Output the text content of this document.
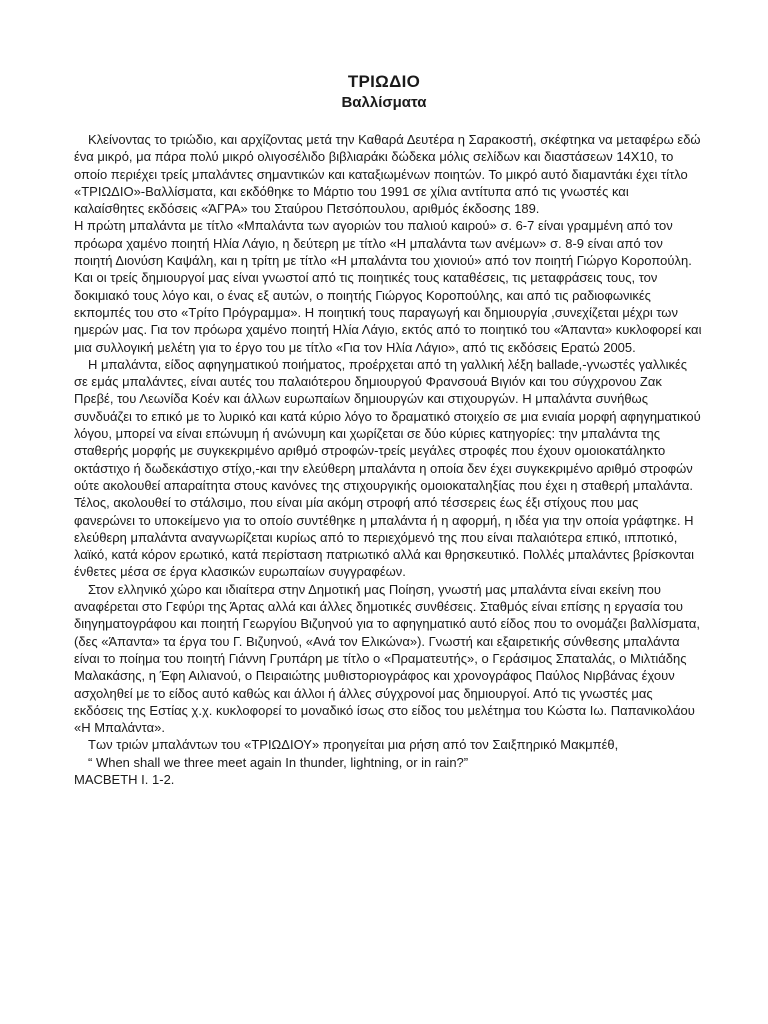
ΤΡΙΩΔΙΟ
Βαλλίσματα

Κλείνοντας το τριώδιο, και αρχίζοντας μετά την Καθαρά Δευτέρα η Σαρακοστή, σκέφτηκα να μεταφέρω εδώ ένα μικρό, μα πάρα πολύ μικρό ολιγοσέλιδο βιβλιαράκι δώδεκα μόλις σελίδων και διαστάσεων 14Χ10, το οποίο περιέχει τρείς μπαλάντες σημαντικών και καταξιωμένων ποιητών. Το μικρό αυτό διαμαντάκι έχει τίτλο «ΤΡΙΩΔΙΟ»-Βαλλίσματα, και εκδόθηκε το Μάρτιο του 1991 σε χίλια αντίτυπα από τις γνωστές και καλαίσθητες εκδόσεις «ΆΓΡΑ» του Σταύρου Πετσόπουλου, αριθμός έκδοσης 189.

Η πρώτη μπαλάντα με τίτλο «Μπαλάντα των αγοριών του παλιού καιρού» σ. 6-7 είναι γραμμένη από τον πρόωρα χαμένο ποιητή Ηλία Λάγιο, η δεύτερη με τίτλο «Η μπαλάντα των ανέμων» σ. 8-9 είναι από τον ποιητή Διονύση Καψάλη, και η τρίτη με τίτλο «Η μπαλάντα του χιονιού» από τον ποιητή Γιώργο Κοροπούλη.

Και οι τρείς δημιουργοί μας είναι γνωστοί από τις ποιητικές τους καταθέσεις, τις μεταφράσεις τους, τον δοκιμιακό τους λόγο και, ο ένας εξ αυτών, ο ποιητής Γιώργος Κοροπούλης, και από τις ραδιοφωνικές εκπομπές του στο «Τρίτο Πρόγραμμα». Η ποιητική τους παραγωγή και δημιουργία ,συνεχίζεται μέχρι των ημερών μας. Για τον πρόωρα χαμένο ποιητή Ηλία Λάγιο, εκτός από το ποιητικό του «Άπαντα» κυκλοφορεί και μια συλλογική μελέτη για το έργο του με τίτλο «Για τον Ηλία Λάγιο», από τις εκδόσεις Ερατώ 2005.

Η μπαλάντα, είδος αφηγηματικού ποιήματος, προέρχεται από τη γαλλική λέξη ballade,-γνωστές γαλλικές σε εμάς μπαλάντες, είναι αυτές του παλαιότερου δημιουργού Φρανσουά Βιγιόν και του σύγχρονου Ζακ Πρεβέ, του Λεωνίδα Κοέν και άλλων ευρωπαίων δημιουργών και στιχουργών. Η μπαλάντα συνήθως συνδυάζει το επικό με το λυρικό και κατά κύριο λόγο το δραματικό στοιχείο σε μια ενιαία μορφή αφηγηματικού λόγου, μπορεί να είναι επώνυμη ή ανώνυμη και χωρίζεται σε δύο κύριες κατηγορίες: την μπαλάντα της σταθερής μορφής με συγκεκριμένο αριθμό στροφών-τρείς μεγάλες στροφές που έχουν ομοιοκατάληκτο οκτάστιχο ή δωδεκάστιχο στίχο,-και την ελεύθερη μπαλάντα η οποία δεν έχει συγκεκριμένο αριθμό στροφών ούτε ακολουθεί απαραίτητα στους κανόνες της στιχουργικής ομοιοκαταληξίας που έχει η σταθερή μπαλάντα. Τέλος, ακολουθεί το στάλσιμο, που είναι μία ακόμη στροφή από τέσσερεις έως έξι στίχους που μας φανερώνει το υποκείμενο για το οποίο συντέθηκε η μπαλάντα ή η αφορμή, η ιδέα για την οποία γράφτηκε. Η ελεύθερη μπαλάντα αναγνωρίζεται κυρίως από το περιεχόμενό της που είναι παλαιότερα επικό, ιπποτικό, λαϊκό, κατά κόρον ερωτικό, κατά περίσταση πατριωτικό αλλά και θρησκευτικό. Πολλές μπαλάντες βρίσκονται ένθετες μέσα σε έργα κλασικών ευρωπαίων συγγραφέων.

Στον ελληνικό χώρο και ιδιαίτερα στην Δημοτική μας Ποίηση, γνωστή μας μπαλάντα είναι εκείνη που αναφέρεται στο Γεφύρι της Άρτας αλλά και άλλες δημοτικές συνθέσεις. Σταθμός είναι επίσης η εργασία του διηγηματογράφου και ποιητή Γεωργίου Βιζυηνού για το αφηγηματικό αυτό είδος που το ονομάζει βαλλίσματα, (δες «Άπαντα» τα έργα του Γ. Βιζυηνού, «Ανά τον Ελικώνα»). Γνωστή και εξαιρετικής σύνθεσης μπαλάντα είναι το ποίημα του ποιητή Γιάννη Γρυπάρη με τίτλο ο «Πραματευτής», ο Γεράσιμος Σπαταλάς, ο Μιλτιάδης Μαλακάσης, η Έφη Αιλιανού, ο Πειραιώτης μυθιστοριογράφος και χρονογράφος Παύλος Νιρβάνας έχουν ασχοληθεί με το είδος αυτό καθώς και άλλοι ή άλλες σύγχρονοί μας δημιουργοί. Από τις γνωστές μας εκδόσεις της Εστίας χ.χ. κυκλοφορεί το μοναδικό ίσως στο είδος του μελέτημα του Κώστα Ιω. Παπανικολάου «Η Μπαλάντα».

Των τριών μπαλάντων του «ΤΡΙΩΔΙΟΥ» προηγείται μια ρήση από τον Σαιξπηρικό Μακμπέθ,

“ When shall we three meet again In thunder, lightning, or in rain?”

MACBETH I. 1-2.
